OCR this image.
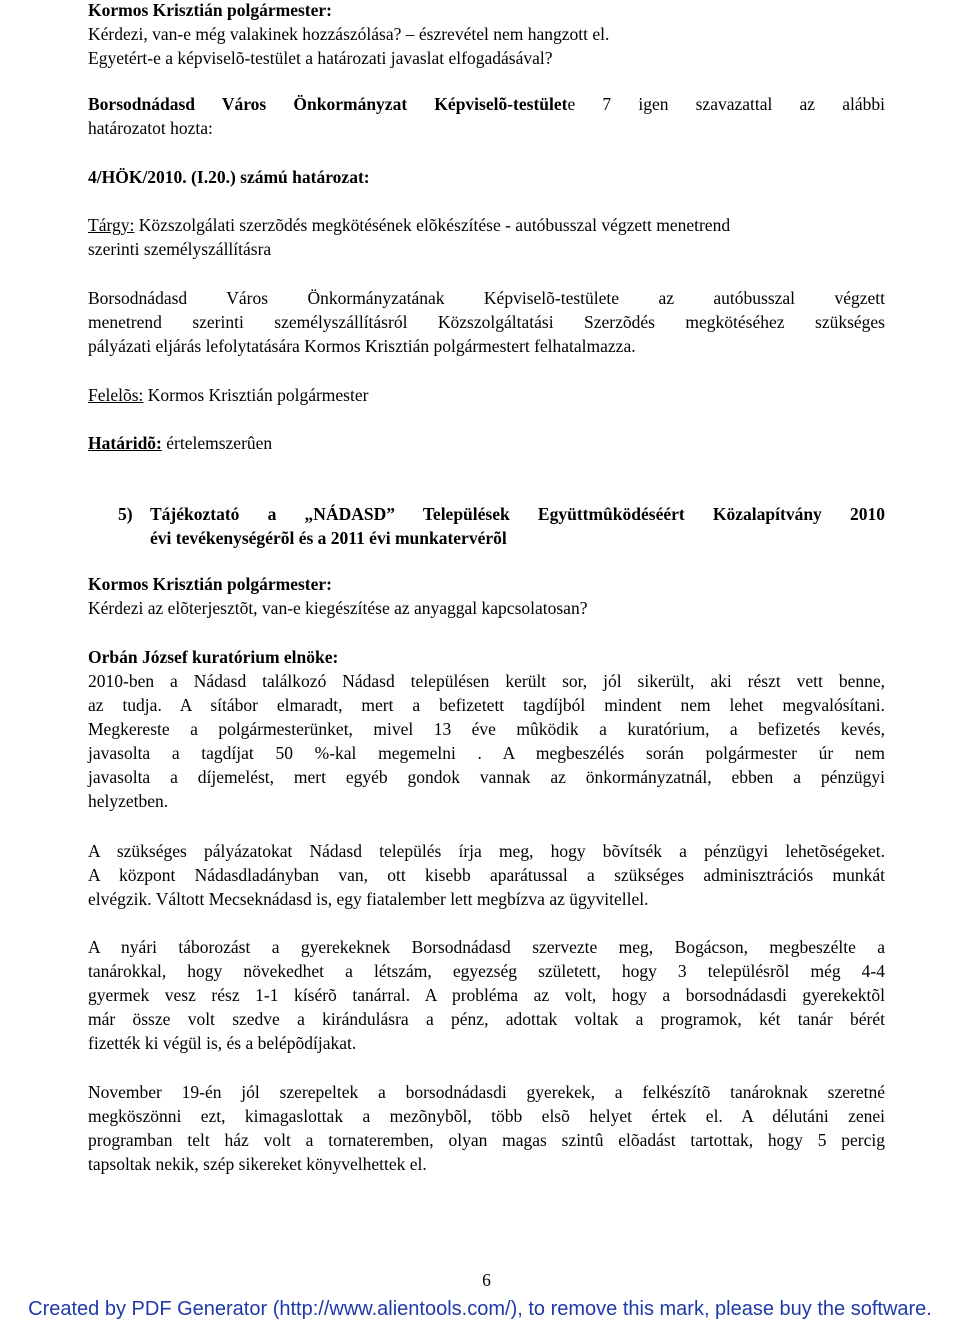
Kormos Krisztián polgármester:
Kérdezi, van-e még valakinek hozzászólása? – észrevétel nem hangzott el.
Egyetért-e a képviselõ-testület a határozati javaslat elfogadásával?
Borsodnádasd Város Önkormányzat Képviselõ-testülete 7 igen szavazattal az alábbi
határozatot hozta:
4/HÖK/2010. (I.20.) számú határozat:
Tárgy: Közszolgálati szerzõdés megkötésének elõkészítése - autóbusszal végzett menetrend
szerinti személyszállításra
Borsodnádasd Város Önkormányzatának Képviselõ-testülete az autóbusszal végzett
menetrend szerinti személyszállításról Közszolgáltatási Szerzõdés megkötéséhez szükséges
pályázati eljárás lefolytatására Kormos Krisztián polgármestert felhatalmazza.
Felelõs: Kormos Krisztián polgármester
Határidõ: értelemszerûen
5) Tájékoztató a „NÁDASD” Települések Együttmûködéséért Közalapítvány 2010
évi tevékenységérõl és a 2011 évi munkatervérõl
Kormos Krisztián polgármester:
Kérdezi az elõterjesztõt, van-e kiegészítése az anyaggal kapcsolatosan?
Orbán József kuratórium elnöke:
2010-ben a Nádasd találkozó Nádasd településen került sor, jól sikerült, aki részt vett benne,
az tudja. A sítábor elmaradt, mert a befizetett tagdíjból mindent nem lehet megvalósítani.
Megkereste a polgármesterünket, mivel 13 éve mûködik a kuratórium, a befizetés kevés,
javasolta a tagdíjat 50 %-kal megemelni . A megbeszélés során polgármester úr nem
javasolta a díjemelést, mert egyéb gondok vannak az önkormányzatnál, ebben a pénzügyi
helyzetben.
A szükséges pályázatokat Nádasd település írja meg, hogy bõvítsék a pénzügyi lehetõségeket.
A központ Nádasdladányban van, ott kisebb aparátussal a szükséges adminisztrációs munkát
elvégzik. Váltott Mecseknádasd is, egy fiatalember lett megbízva az ügyvitellel.
A nyári táborozást a gyerekeknek Borsodnádasd szervezte meg, Bogácson, megbeszélte a
tanárokkal, hogy növekedhet a létszám, egyezség született, hogy 3 településrõl még 4-4
gyermek vesz rész 1-1 kísérõ tanárral. A probléma az volt, hogy a borsodnádasdi gyerekektõl
már össze volt szedve a kirándulásra a pénz, adottak voltak a programok, két tanár bérét
fizették ki végül is, és a belépõdíjakat.
November 19-én jól szerepeltek a borsodnádasdi gyerekek, a felkészítõ tanároknak szeretné
megköszönni ezt, kimagaslottak a mezõnybõl, több elsõ helyet értek el. A délutáni zenei
programban telt ház volt a tornateremben, olyan magas szintû elõadást tartottak, hogy 5 percig
tapsoltak nekik, szép sikereket könyvelhettek el.
6
Created by PDF Generator (http://www.alientools.com/), to remove this mark, please buy the software.
